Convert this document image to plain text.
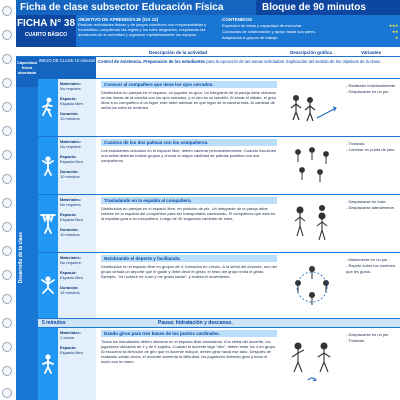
Ficha de clase subsector Educación Física	Bloque de 90 minutos
FICHA N° 38
CUARTO BÁSICO
OBJETIVO DE APRENDIZAJE (OA 10)
Realizar actividades físicas y de juegos colectivos con responsabilidad y honestidad, cumpliendo las reglas y los roles asignados, respetando las decisiones de la autoridad y organizar equitativamente los equipos.
CONTENIDOS
Expresión de ideas y capacidad de escuchar.	★★★
Conductas de colaboración y apoyo hacia sus pares.	★★
Adaptación a grupos de trabajo.	★
Descripción de la actividad	Descripción gráfica	Variantes
Capacidad física abordada
Desarrollo de la clase
INICIO DE CLASE 10 minutos Control de Asistencia. Preparación de los estudiantes para la ejecución de las tareas solicitadas. Explicación del sentido de los objetivos de la clase.
Materiales:
No requiere.
Espacio:
Espacio libre.
Duración:
10 minutos
Conocer al compañero que tiene los ojos cerrados.
Distribuidos en parejas en el espacio, un jugador es guía. Un integrante de la pareja debe ubicarse en las líneas de la cancha con los ojos cerrados, y el otro es su lazarillo. Al sonar el silbato, el guía lleva a su compañero a un lugar, este debe adivinar en qué lugar de la cancha está. Al cambiar de señal los roles se invierten.
- Realizarlo individualmente.
- Desplazarse en un pie.
Materiales:
No requiere.
Espacio:
Espacio libre.
Duración:
10 minutos
Cuantos de los dos palmas con los compañeros.
Los estudiantes ubicados en el espacio libre, deben caminar permanentemente. Cuando escuchen una señal deberán formar grupos y chocar la mayor cantidad de palmas posibles con sus compañeros.
- Trotando.
- Caminar en punta de pies.
Materiales:
No requiere.
Espacio:
Espacio libre.
Duración:
10 minutos
Trasladando en la espalda al compañero.
Distribuidos en parejas en el espacio libre, en posición de pie. Un integrante de la pareja debe subirse en la espalda del compañero para ser transportado caminando. El compañero que está en la espalda guía a su compañero. Luego de 40 segundos cambian de roles.
- Desplazarse en trote.
- Desplazarse lateralmente.
Materiales:
No requiere.
Espacio:
Espacio libre.
Duración:
15 minutos
Nombrando el deporte y facilitando.
Distribuidos en el espacio libre en grupos de 4, formados en círculo. A la señal del docente, uno del grupo señala un deporte que le guste y debe decir el gesto; el resto del grupo imita el gesto. Ejemplo, "mi nombre es Juan y me gusta nadar", y realiza el movimiento.
- Mantenerse en un pie.
- Repetir todos los nombres que les gusta.
5 minutos	Pausa: hidratación y descanso.
Materiales:
1 conos.
Espacio:
Espacio libre.
Dando giros para tres bases de los puntos cardinales.
Todos los estudiantes deben ubicarse en el espacio libre caminando. A la señal del docente, los jugadores ubicados de 4 y de 5 sujetos. Cuando el docente diga "alto", deben estar los 4 en grupo. Al escuchar la dirección de giro que el docente indique, deben girar hacia ese lado. Después de realizarlo varias veces, el docente aumenta la dificultad, los jugadores deberán girar y tocar el suelo con la mano.
- Desplazarse en un pie.
- Trotando.
